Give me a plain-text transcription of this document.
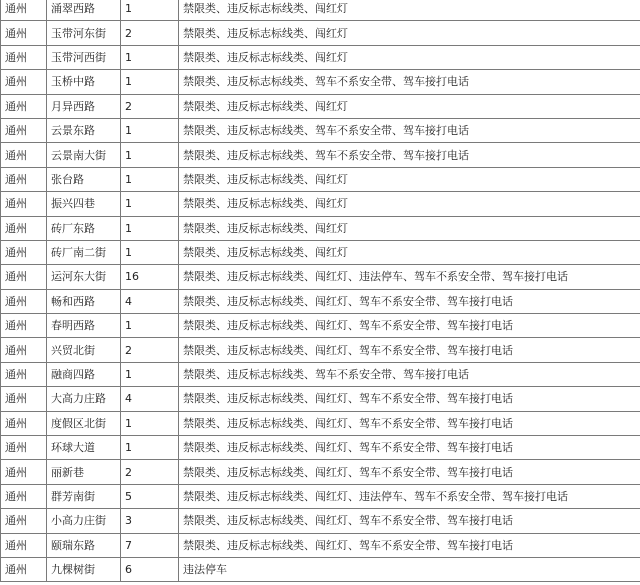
通州	涌翠西路	1	禁限类、违反标志标线类、闯红灯
通州	玉带河东街	2	禁限类、违反标志标线类、闯红灯
通州	玉带河西街	1	禁限类、违反标志标线类、闯红灯
通州	玉桥中路	1	禁限类、违反标志标线类、驾车不系安全带、驾车接打电话
通州	月异西路	2	禁限类、违反标志标线类、闯红灯
通州	云景东路	1	禁限类、违反标志标线类、驾车不系安全带、驾车接打电话
通州	云景南大街	1	禁限类、违反标志标线类、驾车不系安全带、驾车接打电话
通州	张台路	1	禁限类、违反标志标线类、闯红灯
通州	振兴四巷	1	禁限类、违反标志标线类、闯红灯
通州	砖厂东路	1	禁限类、违反标志标线类、闯红灯
通州	砖厂南二街	1	禁限类、违反标志标线类、闯红灯
通州	运河东大街	16	禁限类、违反标志标线类、闯红灯、违法停车、驾车不系安全带、驾车接打电话
通州	畅和西路	4	禁限类、违反标志标线类、闯红灯、驾车不系安全带、驾车接打电话
通州	春明西路	1	禁限类、违反标志标线类、闯红灯、驾车不系安全带、驾车接打电话
通州	兴贸北街	2	禁限类、违反标志标线类、闯红灯、驾车不系安全带、驾车接打电话
通州	融商四路	1	禁限类、违反标志标线类、驾车不系安全带、驾车接打电话
通州	大高力庄路	4	禁限类、违反标志标线类、闯红灯、驾车不系安全带、驾车接打电话
通州	度假区北街	1	禁限类、违反标志标线类、闯红灯、驾车不系安全带、驾车接打电话
通州	环球大道	1	禁限类、违反标志标线类、闯红灯、驾车不系安全带、驾车接打电话
通州	丽新巷	2	禁限类、违反标志标线类、闯红灯、驾车不系安全带、驾车接打电话
通州	群芳南街	5	禁限类、违反标志标线类、闯红灯、违法停车、驾车不系安全带、驾车接打电话
通州	小高力庄街	3	禁限类、违反标志标线类、闯红灯、驾车不系安全带、驾车接打电话
通州	颐瑞东路	7	禁限类、违反标志标线类、闯红灯、驾车不系安全带、驾车接打电话
通州	九棵树街	6	违法停车
